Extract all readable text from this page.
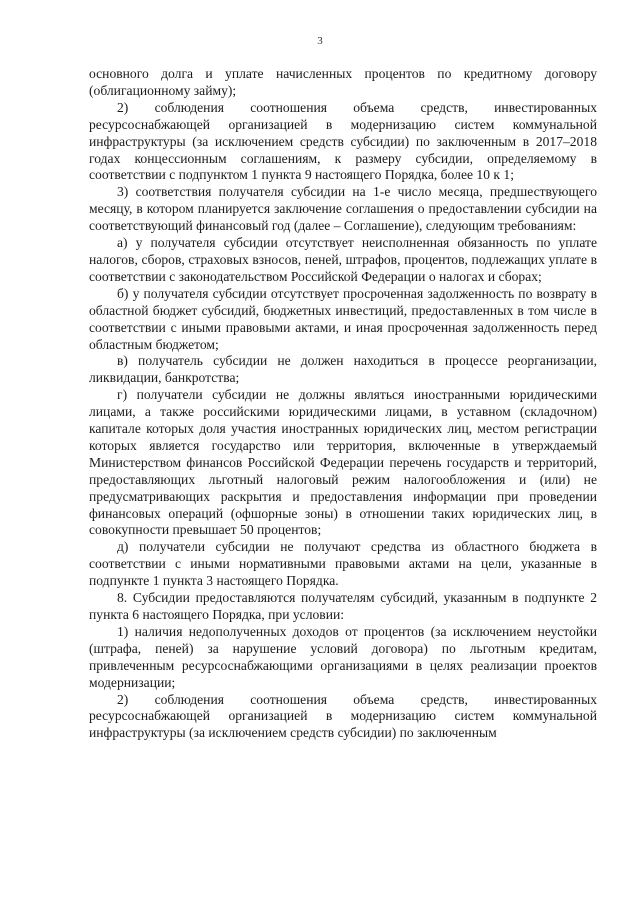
3

основного долга и уплате начисленных процентов по кредитному договору (облигационному займу);

2) соблюдения соотношения объема средств, инвестированных ресурсоснабжающей организацией в модернизацию систем коммунальной инфраструктуры (за исключением средств субсидии) по заключенным в 2017–2018 годах концессионным соглашениям, к размеру субсидии, определяемому в соответствии с подпунктом 1 пункта 9 настоящего Порядка, более 10 к 1;

3) соответствия получателя субсидии на 1-е число месяца, предшествующего месяцу, в котором планируется заключение соглашения о предоставлении субсидии на соответствующий финансовый год (далее – Соглашение), следующим требованиям:

а) у получателя субсидии отсутствует неисполненная обязанность по уплате налогов, сборов, страховых взносов, пеней, штрафов, процентов, подлежащих уплате в соответствии с законодательством Российской Федерации о налогах и сборах;

б) у получателя субсидии отсутствует просроченная задолженность по возврату в областной бюджет субсидий, бюджетных инвестиций, предоставленных в том числе в соответствии с иными правовыми актами, и иная просроченная задолженность перед областным бюджетом;

в) получатель субсидии не должен находиться в процессе реорганизации, ликвидации, банкротства;

г) получатели субсидии не должны являться иностранными юридическими лицами, а также российскими юридическими лицами, в уставном (складочном) капитале которых доля участия иностранных юридических лиц, местом регистрации которых является государство или территория, включенные в утверждаемый Министерством финансов Российской Федерации перечень государств и территорий, предоставляющих льготный налоговый режим налогообложения и (или) не предусматривающих раскрытия и предоставления информации при проведении финансовых операций (офшорные зоны) в отношении таких юридических лиц, в совокупности превышает 50 процентов;

д) получатели субсидии не получают средства из областного бюджета в соответствии с иными нормативными правовыми актами на цели, указанные в подпункте 1 пункта 3 настоящего Порядка.

8. Субсидии предоставляются получателям субсидий, указанным в подпункте 2 пункта 6 настоящего Порядка, при условии:

1) наличия недополученных доходов от процентов (за исключением неустойки (штрафа, пеней) за нарушение условий договора) по льготным кредитам, привлеченным ресурсоснабжающими организациями в целях реализации проектов модернизации;

2) соблюдения соотношения объема средств, инвестированных ресурсоснабжающей организацией в модернизацию систем коммунальной инфраструктуры (за исключением средств субсидии) по заключенным
